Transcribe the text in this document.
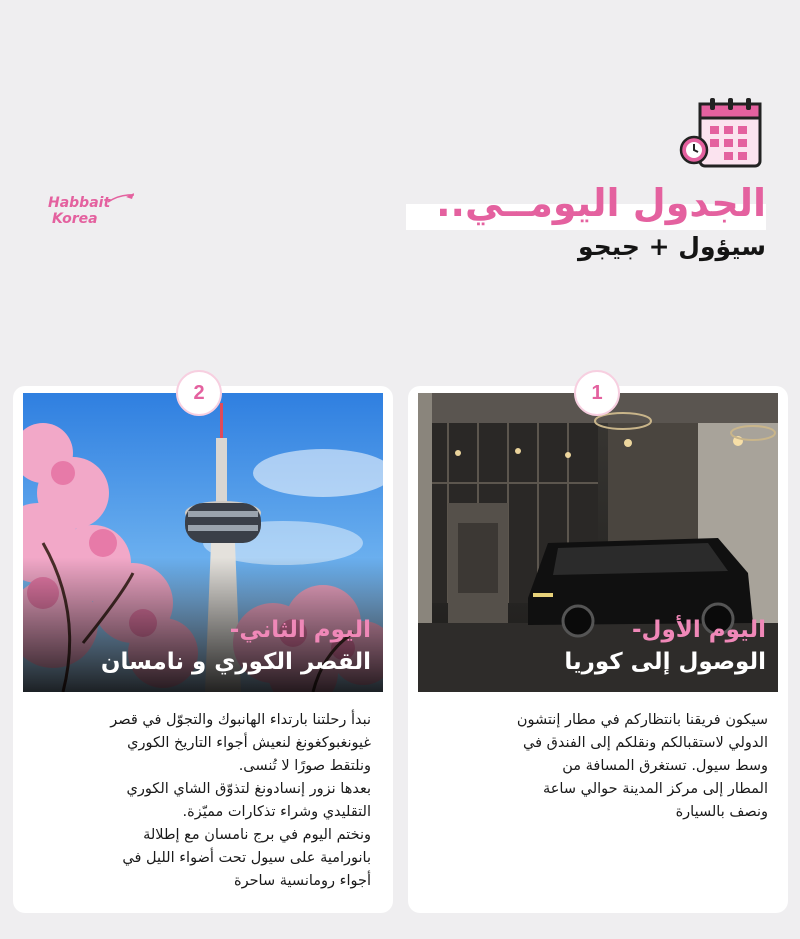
Habbait
Korea	الجدول اليومــي..
سيؤول + جيجو
اليوم الأول-
الوصول إلى كوريا
سيكون فريقنا بانتظاركم في مطار إنتشون
الدولي لاستقبالكم ونقلكم إلى الفندق في
وسط سيول. تستغرق المسافة من
المطار إلى مركز المدينة حوالي ساعة
ونصف بالسيارة
1
اليوم الثاني-
القصر الكوري و نامسان
نبدأ رحلتنا بارتداء الهانبوك والتجوّل في قصر
غيونغبوكغونغ لنعيش أجواء التاريخ الكوري
ونلتقط صورًا لا تُنسى.
بعدها نزور إنسادونغ لتذوّق الشاي الكوري
التقليدي وشراء تذكارات مميّزة.
ونختم اليوم في برج نامسان مع إطلالة
بانورامية على سيول تحت أضواء الليل في
أجواء رومانسية ساحرة
2
